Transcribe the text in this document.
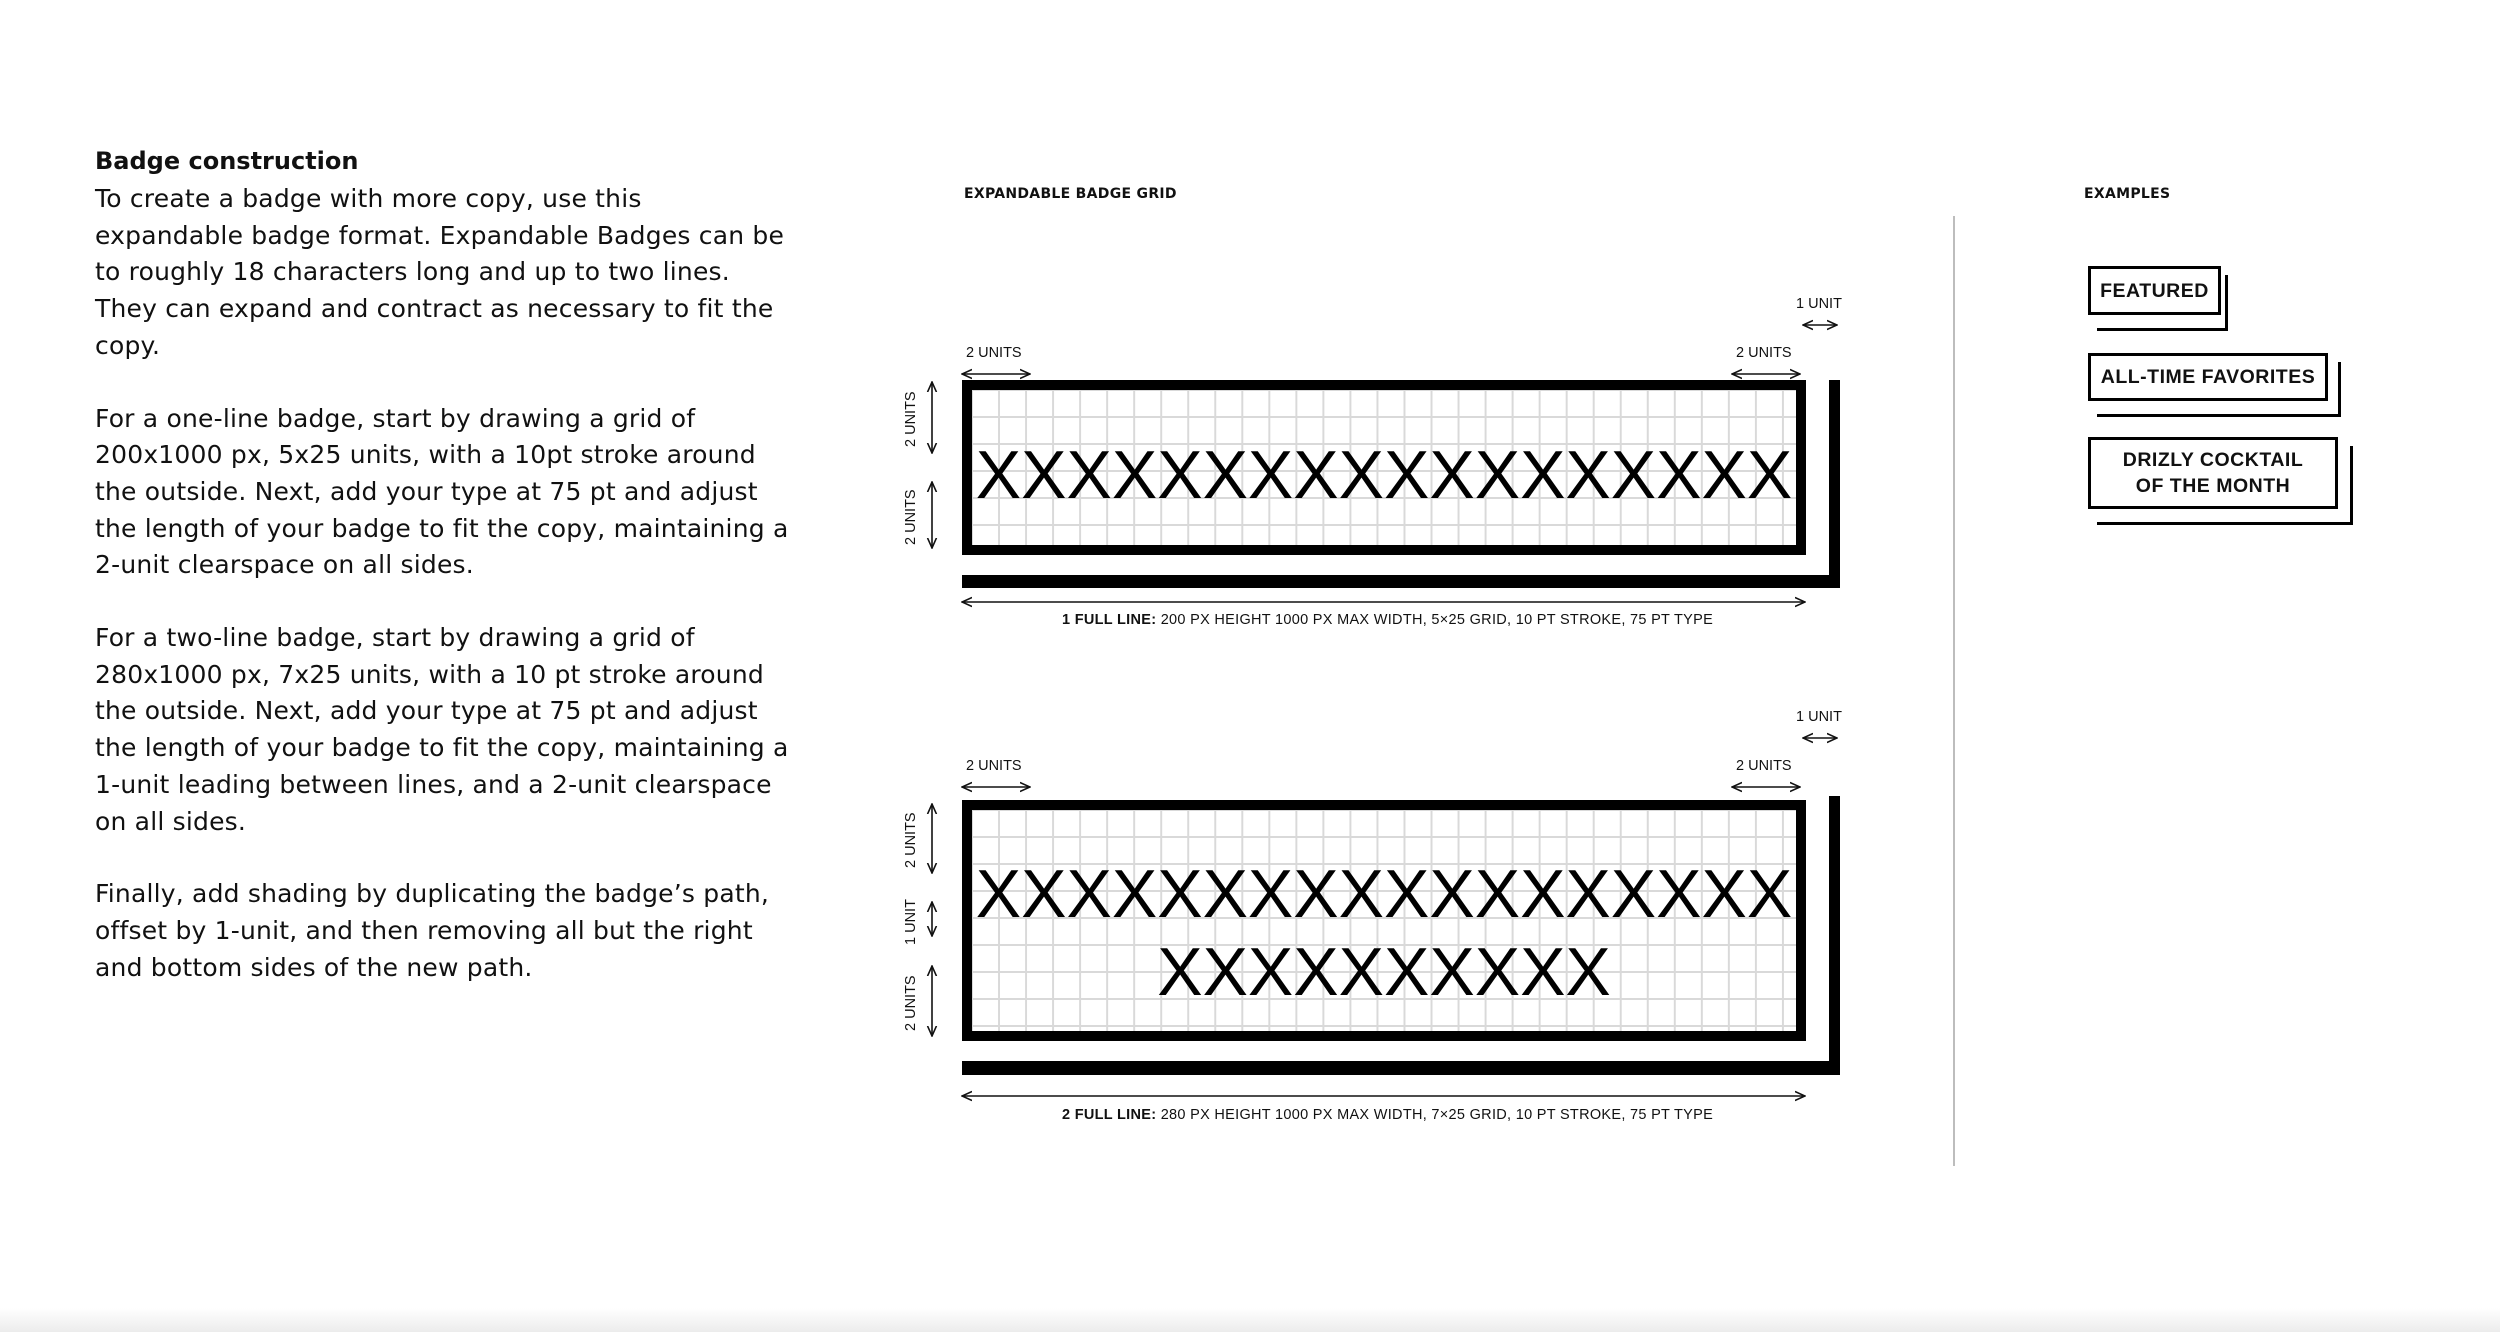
Badge construction

To create a badge with more copy, use this expandable badge format. Expandable Badges can be to roughly 18 characters long and up to two lines. They can expand and contract as necessary to fit the copy.

For a one-line badge, start by drawing a grid of 200x1000 px, 5x25 units, with a 10pt stroke around the outside. Next, add your type at 75 pt and adjust the length of your badge to fit the copy, maintaining a 2-unit clearspace on all sides.

For a two-line badge, start by drawing a grid of 280x1000 px, 7x25 units, with a 10 pt stroke around the outside. Next, add your type at 75 pt and adjust the length of your badge to fit the copy, maintaining a 1-unit leading between lines, and a 2-unit clearspace on all sides.

Finally, add shading by duplicating the badge’s path, offset by 1-unit, and then removing all but the right and bottom sides of the new path.

EXPANDABLE BADGE GRID
1 UNIT
2 UNITS	2 UNITS
2 UNITS
2 UNITS
XXXXXXXXXXXXXXXXXX
1 FULL LINE: 200 PX HEIGHT 1000 PX MAX WIDTH, 5×25 GRID, 10 PT STROKE, 75 PT TYPE
1 UNIT
2 UNITS	2 UNITS
2 UNITS
1 UNIT
2 UNITS
XXXXXXXXXXXXXXXXXX
XXXXXXXXXX
2 FULL LINE: 280 PX HEIGHT 1000 PX MAX WIDTH, 7×25 GRID, 10 PT STROKE, 75 PT TYPE
EXAMPLES
FEATURED
ALL-TIME FAVORITES
DRIZLY COCKTAIL
OF THE MONTH
